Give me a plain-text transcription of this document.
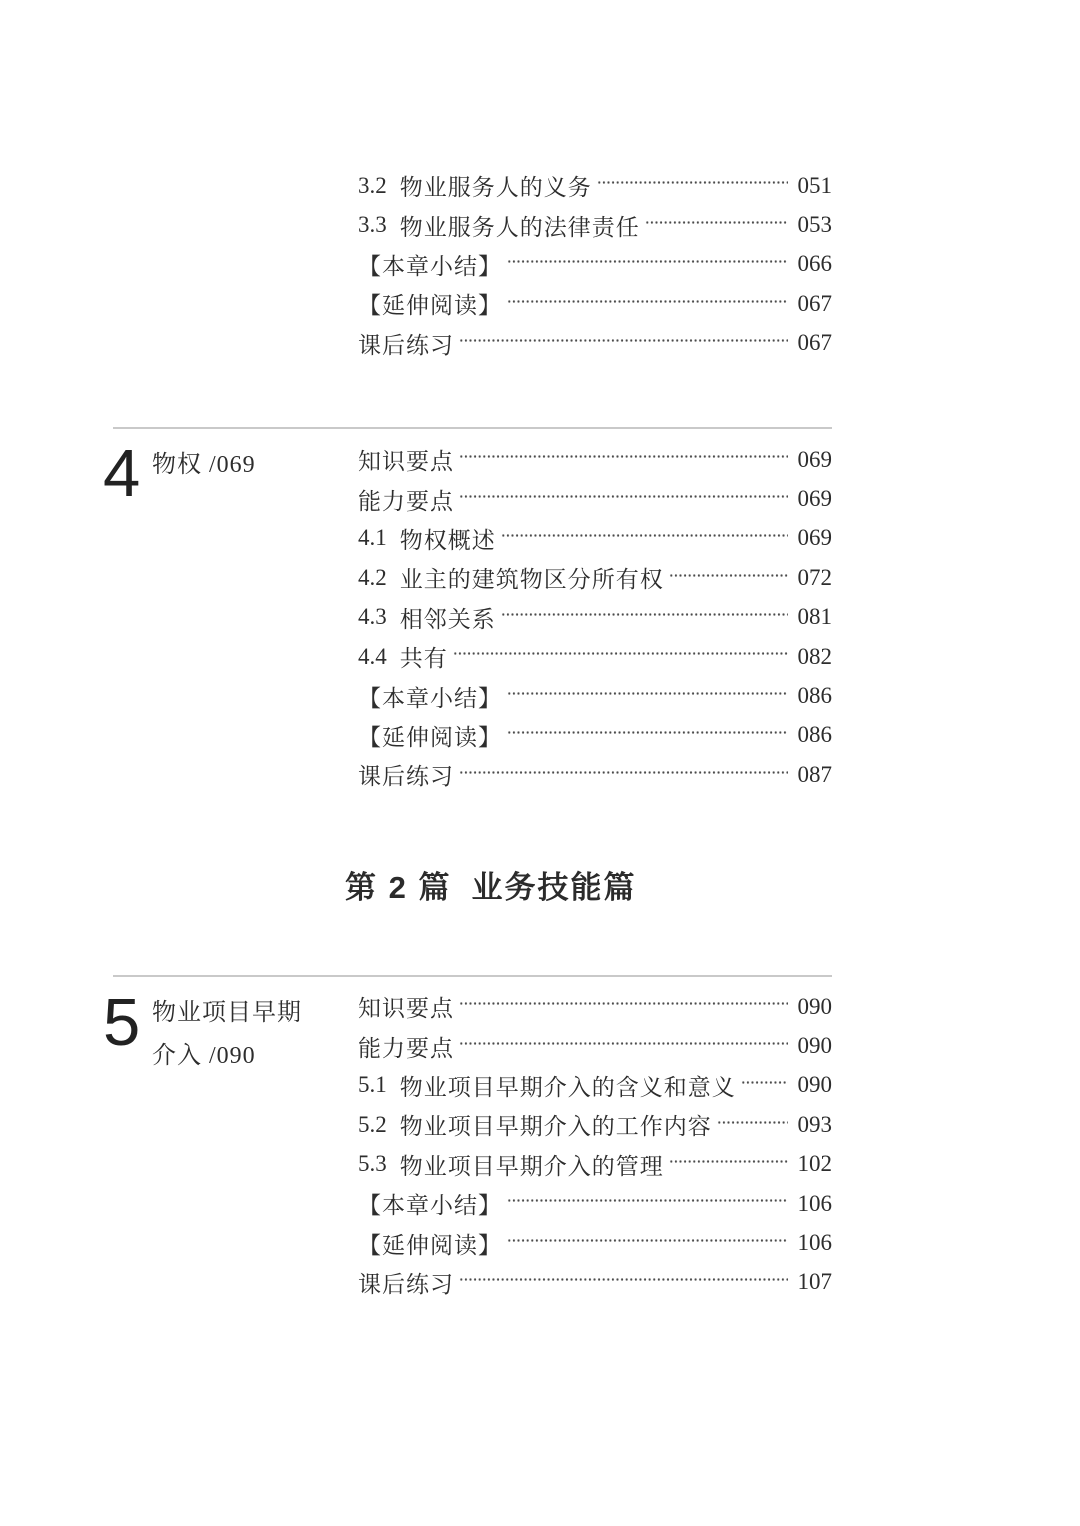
3.2 物业服务人的义务	051
3.3 物业服务人的法律责任	053
【本章小结】	066
【延伸阅读】	067
课后练习	067
4 物权 /069	知识要点	069
能力要点	069
4.1 物权概述	069
4.2 业主的建筑物区分所有权	072
4.3 相邻关系	081
4.4 共有	082
【本章小结】	086
【延伸阅读】	086
课后练习	087
第 2 篇 业务技能篇
5 物业项目早期
介入 /090
知识要点	090
能力要点	090
5.1 物业项目早期介入的含义和意义	090
5.2 物业项目早期介入的工作内容	093
5.3 物业项目早期介入的管理	102
【本章小结】	106
【延伸阅读】	106
课后练习	107
